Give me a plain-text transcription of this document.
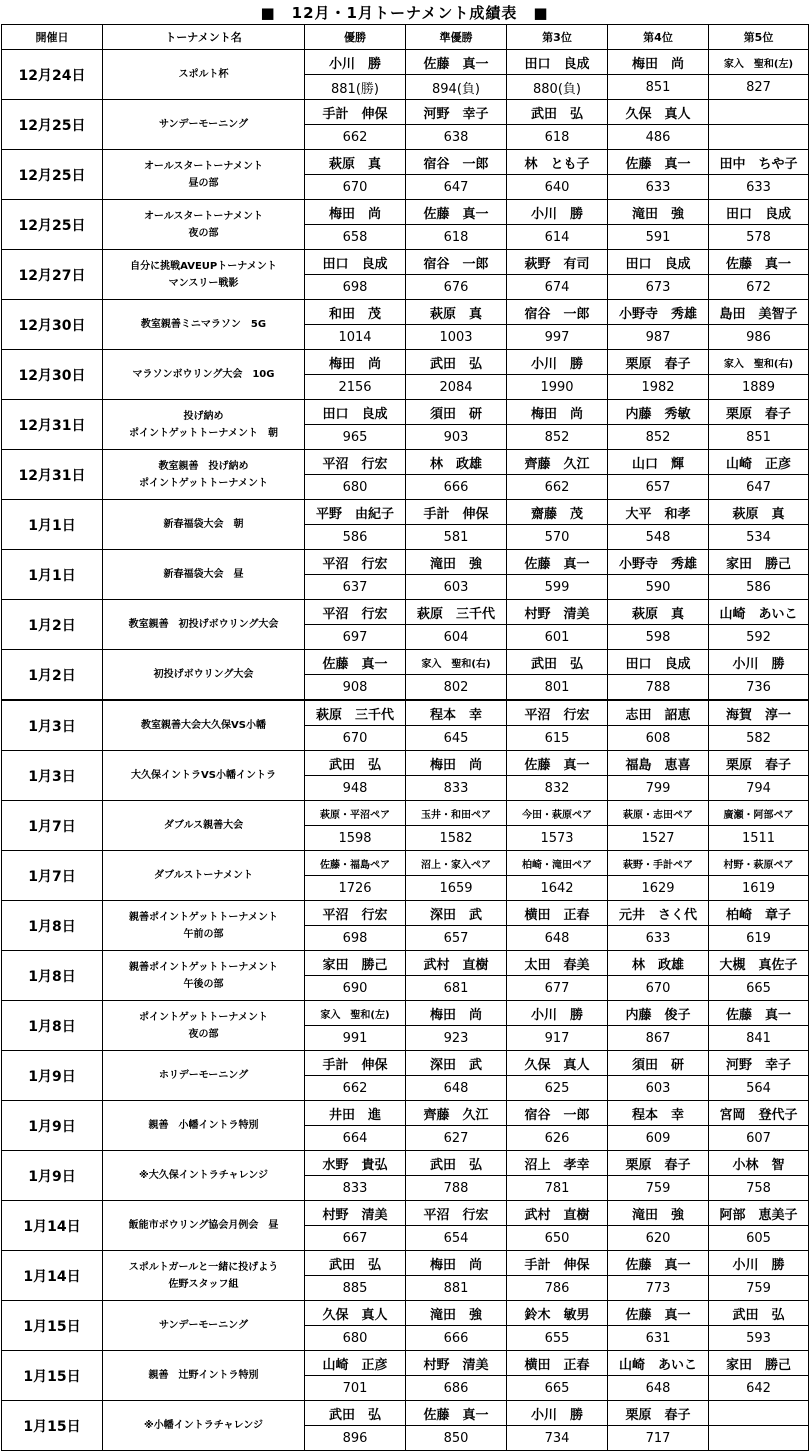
■　12月・1月トーナメント成績表　■
開催日	トーナメント名	優勝	準優勝	第3位	第4位	第5位
12月24日	スポルト杯	小川　勝	佐藤　真一	田口　良成	梅田　尚	家入　聖和(左)
		881(勝)	894(負)	880(負)	851	827
12月25日	サンデーモーニング	手計　伸保	河野　幸子	武田　弘	久保　真人	
		662	638	618	486	
12月25日	オールスタートーナメント
昼の部	萩原　真	宿谷　一郎	林　とも子	佐藤　真一	田中　ちや子
		670	647	640	633	633
12月25日	オールスタートーナメント
夜の部	梅田　尚	佐藤　真一	小川　勝	滝田　強	田口　良成
		658	618	614	591	578
12月27日	自分に挑戦AVEUPトーナメント
マンスリー戦影	田口　良成	宿谷　一郎	萩野　有司	田口　良成	佐藤　真一
		698	676	674	673	672
12月30日	教室親善ミニマラソン　5G	和田　茂	萩原　真	宿谷　一郎	小野寺　秀雄	島田　美智子
		1014	1003	997	987	986
12月30日	マラソンボウリング大会　10G	梅田　尚	武田　弘	小川　勝	栗原　春子	家入　聖和(右)
		2156	2084	1990	1982	1889
12月31日	投げ納め
ポイントゲットトーナメント　朝	田口　良成	須田　研	梅田　尚	内藤　秀敏	栗原　春子
		965	903	852	852	851
12月31日	教室親善　投げ納め
ポイントゲットトーナメント	平沼　行宏	林　政雄	齊藤　久江	山口　輝	山崎　正彦
		680	666	662	657	647
1月1日	新春福袋大会　朝	平野　由紀子	手計　伸保	齋藤　茂	大平　和孝	萩原　真
		586	581	570	548	534
1月1日	新春福袋大会　昼	平沼　行宏	滝田　強	佐藤　真一	小野寺　秀雄	家田　勝己
		637	603	599	590	586
1月2日	教室親善　初投げボウリング大会	平沼　行宏	萩原　三千代	村野　清美	萩原　真	山崎　あいこ
		697	604	601	598	592
1月2日	初投げボウリング大会	佐藤　真一	家入　聖和(右)	武田　弘	田口　良成	小川　勝
		908	802	801	788	736
1月3日	教室親善大会大久保VS小幡	萩原　三千代	程本　幸	平沼　行宏	志田　詔恵	海賀　淳一
		670	645	615	608	582
1月3日	大久保イントラVS小幡イントラ	武田　弘	梅田　尚	佐藤　真一	福島　恵喜	栗原　春子
		948	833	832	799	794
1月7日	ダブルス親善大会	萩原・平沼ペア	玉井・和田ペア	今田・萩原ペア	萩原・志田ペア	廣瀬・阿部ペア
		1598	1582	1573	1527	1511
1月7日	ダブルストーナメント	佐藤・福島ペア	沼上・家入ペア	柏崎・滝田ペア	萩野・手計ペア	村野・萩原ペア
		1726	1659	1642	1629	1619
1月8日	親善ポイントゲットトーナメント
午前の部	平沼　行宏	深田　武	横田　正春	元井　さく代	柏崎　章子
		698	657	648	633	619
1月8日	親善ポイントゲットトーナメント
午後の部	家田　勝己	武村　直樹	太田　春美	林　政雄	大槻　真佐子
		690	681	677	670	665
1月8日	ポイントゲットトーナメント
夜の部	家入　聖和(左)	梅田　尚	小川　勝	内藤　俊子	佐藤　真一
		991	923	917	867	841
1月9日	ホリデーモーニング	手計　伸保	深田　武	久保　真人	須田　研	河野　幸子
		662	648	625	603	564
1月9日	親善　小幡イントラ特別	井田　進	齊藤　久江	宿谷　一郎	程本　幸	宮岡　登代子
		664	627	626	609	607
1月9日	※大久保イントラチャレンジ	水野　貴弘	武田　弘	沼上　孝幸	栗原　春子	小林　智
		833	788	781	759	758
1月14日	飯能市ボウリング協会月例会　昼	村野　清美	平沼　行宏	武村　直樹	滝田　強	阿部　恵美子
		667	654	650	620	605
1月14日	スポルトガールと一緒に投げよう
佐野スタッフ組	武田　弘	梅田　尚	手計　伸保	佐藤　真一	小川　勝
		885	881	786	773	759
1月15日	サンデーモーニング	久保　真人	滝田　強	鈴木　敏男	佐藤　真一	武田　弘
		680	666	655	631	593
1月15日	親善　辻野イントラ特別	山崎　正彦	村野　清美	横田　正春	山崎　あいこ	家田　勝己
		701	686	665	648	642
1月15日	※小幡イントラチャレンジ	武田　弘	佐藤　真一	小川　勝	栗原　春子	
		896	850	734	717	
